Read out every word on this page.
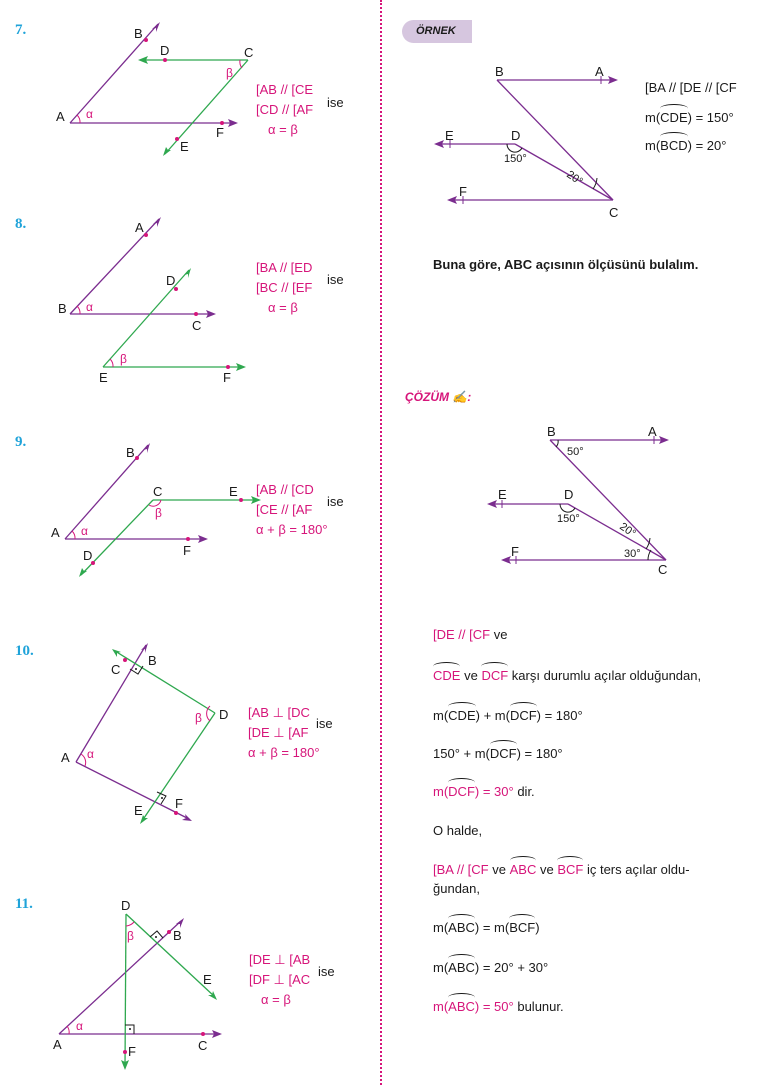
7.
A
B
C
D
E
F
α
β
[AB // [CE
[CD // [AF
α = β
ise
8.	A
B
C
D
E	F
α
β
[BA // [ED
[BC // [EF
α = β
ise
9.
A
B
C
D
E
F
α
β
[AB // [CD
[CE // [AF
α + β = 180°
ise
10.
A
B
C
D
E F
α
β	[AB ⊥ [DC
[DE ⊥ [AF
α + β = 180°
ise
11.
A
B
C
D
E
F
α
β
[DE ⊥ [AB
[DF ⊥ [AC
α = β
ise
ÖRNEK
B	A
E	D
F
C
150°
20°
[BA // [DE // [CF
m(CDE) = 150°
m(BCD) = 20°
Buna göre, ABC açısının ölçüsünü bulalım.
ÇÖZÜM ✍:
B	A
E	D
F
C
50°
150°
20°
30°
[DE // [CF ve
CDE ve DCF karşı durumlu açılar olduğundan,
m(CDE) + m(DCF) = 180°
150° + m(DCF) = 180°
m(DCF) = 30° dir.
O halde,
[BA // [CF ve ABC ve BCF iç ters açılar oldu-
ğundan,
m(ABC) = m(BCF)
m(ABC) = 20° + 30°
m(ABC) = 50° bulunur.
